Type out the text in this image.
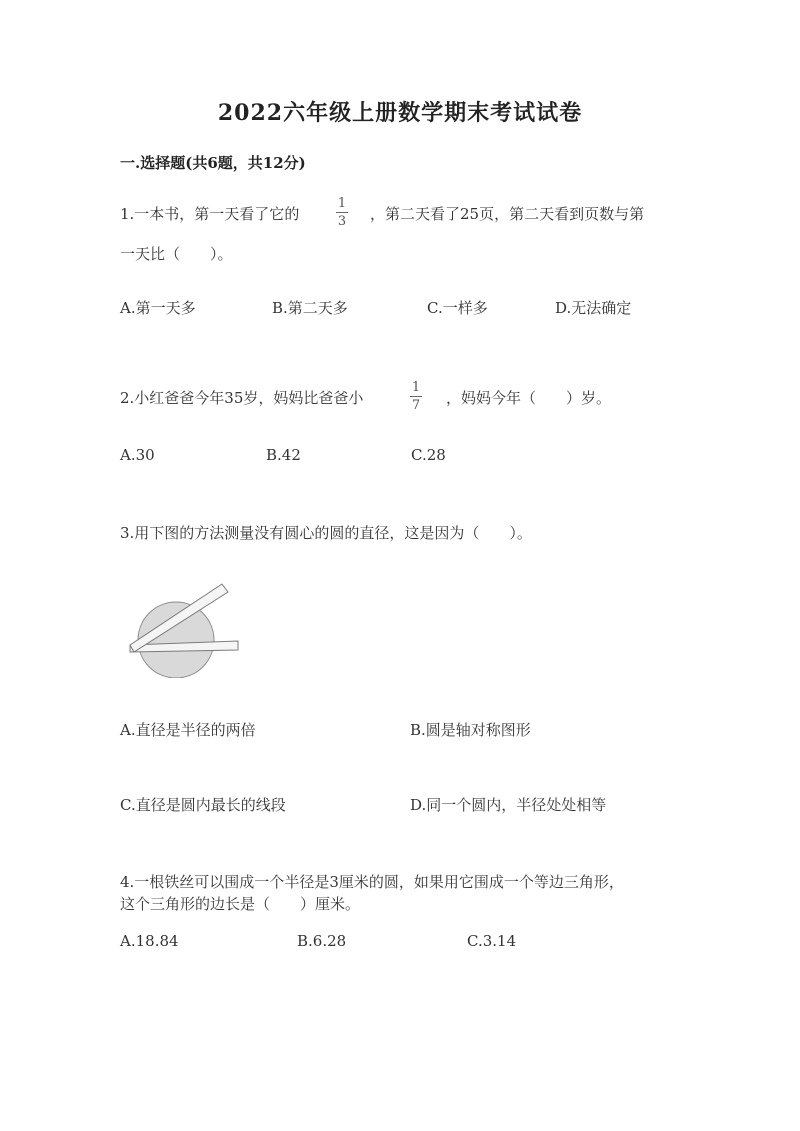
2022六年级上册数学期末考试试卷
一.选择题(共6题，共12分)
1.一本书，第一天看了它的
1
3 ，第二天看了25页，第二天看到页数与第
一天比（　　）。
A.第一天多	B.第二天多	C.一样多	D.无法确定
2.小红爸爸今年35岁，妈妈比爸爸小
1
7 ，妈妈今年（　　）岁。
A.30	B.42	C.28
3.用下图的方法测量没有圆心的圆的直径，这是因为（　　）。
A.直径是半径的两倍	B.圆是轴对称图形
C.直径是圆内最长的线段	D.同一个圆内，半径处处相等
4.一根铁丝可以围成一个半径是3厘米的圆，如果用它围成一个等边三角形，
这个三角形的边长是（　　）厘米。
A.18.84	B.6.28	C.3.14
